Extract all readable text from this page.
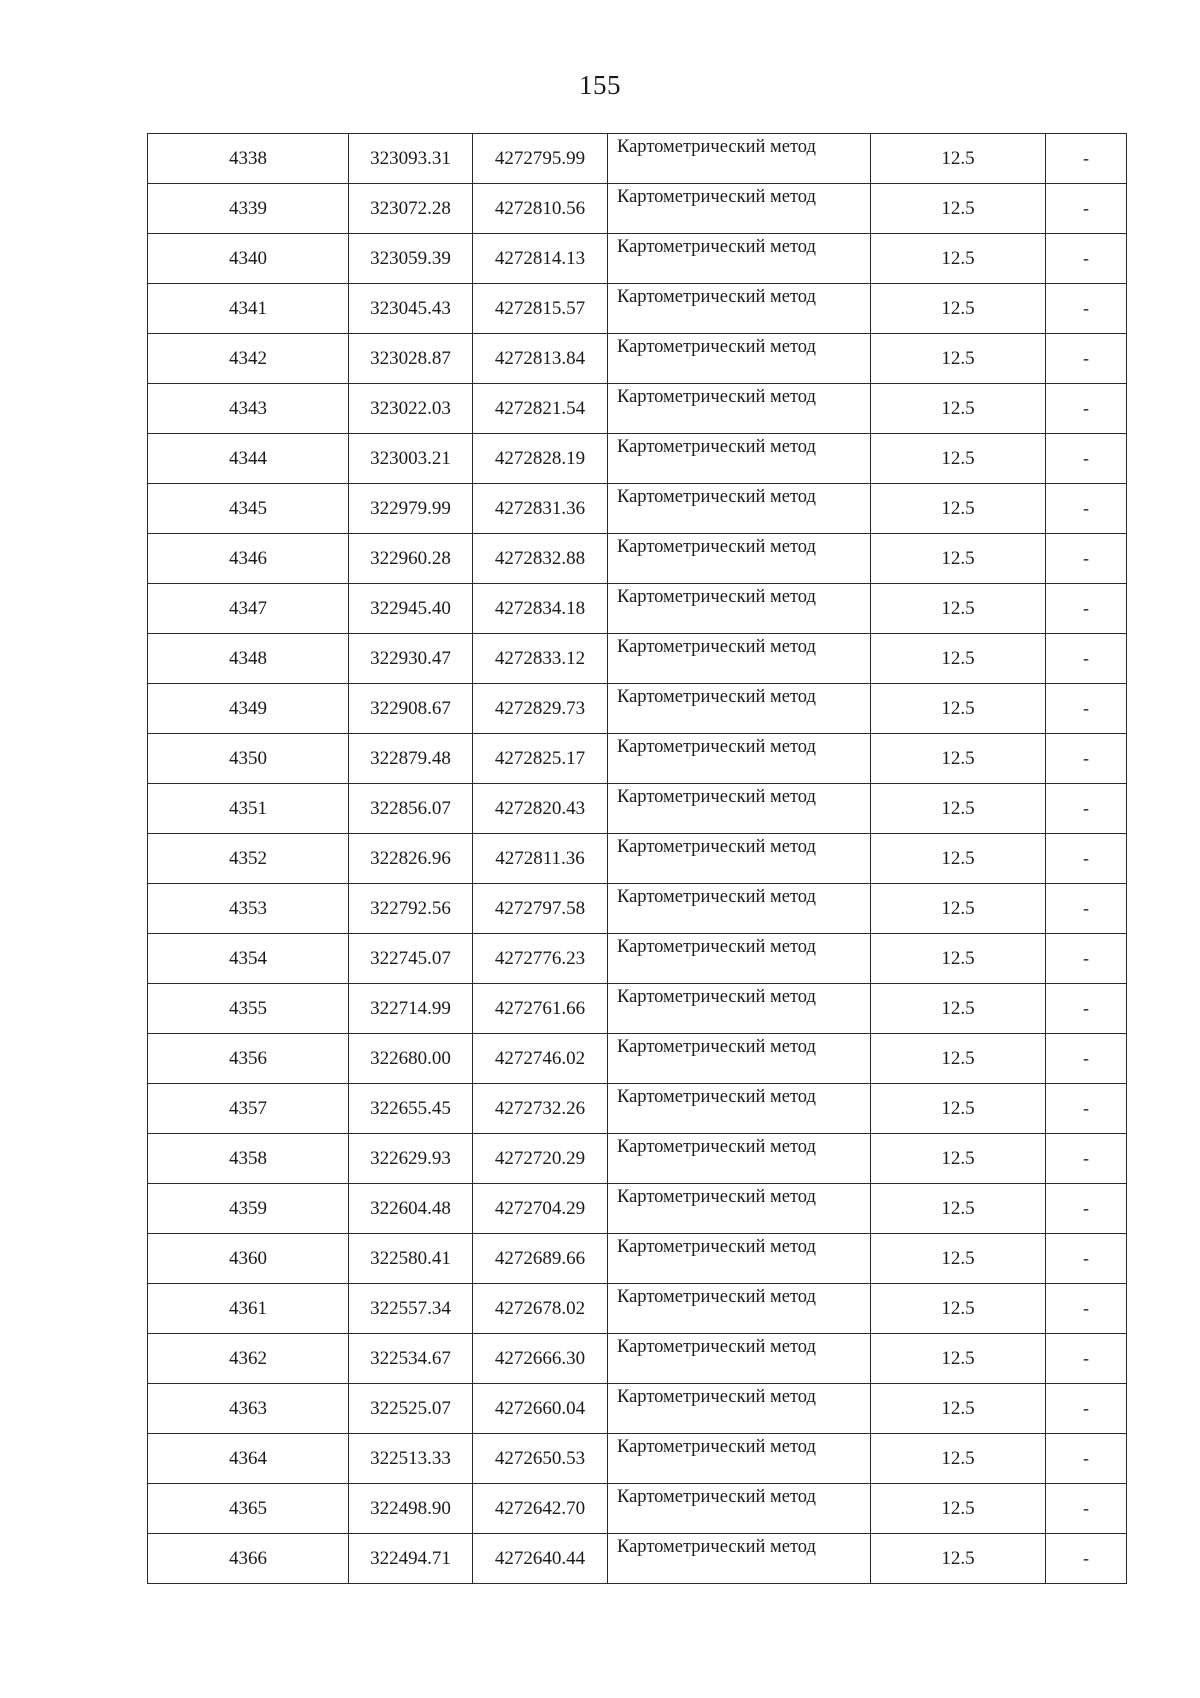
155
4338	323093.31	4272795.99	Картометрический метод	12.5	-
4339	323072.28	4272810.56	Картометрический метод	12.5	-
4340	323059.39	4272814.13	Картометрический метод	12.5	-
4341	323045.43	4272815.57	Картометрический метод	12.5	-
4342	323028.87	4272813.84	Картометрический метод	12.5	-
4343	323022.03	4272821.54	Картометрический метод	12.5	-
4344	323003.21	4272828.19	Картометрический метод	12.5	-
4345	322979.99	4272831.36	Картометрический метод	12.5	-
4346	322960.28	4272832.88	Картометрический метод	12.5	-
4347	322945.40	4272834.18	Картометрический метод	12.5	-
4348	322930.47	4272833.12	Картометрический метод	12.5	-
4349	322908.67	4272829.73	Картометрический метод	12.5	-
4350	322879.48	4272825.17	Картометрический метод	12.5	-
4351	322856.07	4272820.43	Картометрический метод	12.5	-
4352	322826.96	4272811.36	Картометрический метод	12.5	-
4353	322792.56	4272797.58	Картометрический метод	12.5	-
4354	322745.07	4272776.23	Картометрический метод	12.5	-
4355	322714.99	4272761.66	Картометрический метод	12.5	-
4356	322680.00	4272746.02	Картометрический метод	12.5	-
4357	322655.45	4272732.26	Картометрический метод	12.5	-
4358	322629.93	4272720.29	Картометрический метод	12.5	-
4359	322604.48	4272704.29	Картометрический метод	12.5	-
4360	322580.41	4272689.66	Картометрический метод	12.5	-
4361	322557.34	4272678.02	Картометрический метод	12.5	-
4362	322534.67	4272666.30	Картометрический метод	12.5	-
4363	322525.07	4272660.04	Картометрический метод	12.5	-
4364	322513.33	4272650.53	Картометрический метод	12.5	-
4365	322498.90	4272642.70	Картометрический метод	12.5	-
4366	322494.71	4272640.44	Картометрический метод	12.5	-
